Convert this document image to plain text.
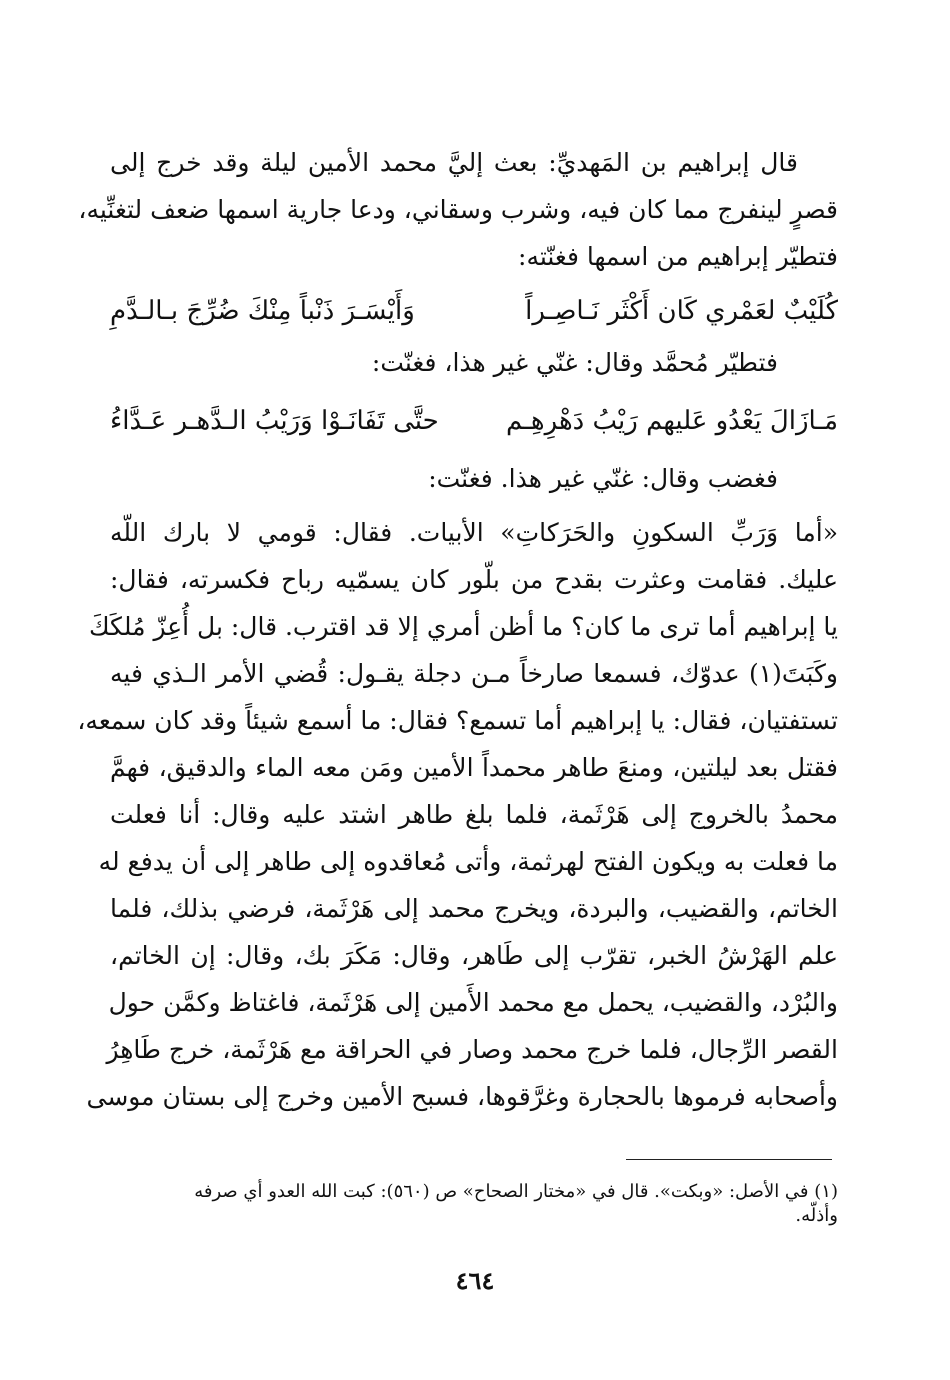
قال إبراهيم بن المَهديِّ: بعث إليَّ محمد الأمين ليلة وقد خرج إلى
قصرٍ لينفرج مما كان فيه، وشرب وسقاني، ودعا جارية اسمها ضعف لتغنِّيه،
فتطيّر إبراهيم من اسمها فغنّته:
كُلَيْبٌ لعَمْري كَان أَكْثَر نَـاصِـراً
وَأَيْسَـرَ ذَنْباً مِنْكَ ضُرِّجَ بـالـدَّمِ
فتطيّر مُحمَّد وقال: غنّي غير هذا، فغنّت:
مَـازَالَ يَعْدُو عَليهم رَيْبُ دَهْرِهِـم
حتَّى تَفَانَـوْا وَرَيْبُ الـدَّهـر عَـدَّاءُ
فغضب وقال: غنّي غير هذا. فغنّت:
«أما وَرَبِّ السكونِ والحَرَكاتِ» الأبيات. فقال: قومي لا بارك اللّه
عليك. فقامت وعثرت بقدح من بلّور كان يسمّيه رباح فكسرته، فقال:
يا إبراهيم أما ترى ما كان؟ ما أظن أمري إلا قد اقترب. قال: بل أُعِزّ مُلكَكَ
وكَبَتَ(١) عدوّك، فسمعا صارخاً مـن دجلة يقـول: قُضي الأمر الـذي فيه
تستفتيان، فقال: يا إبراهيم أما تسمع؟ فقال: ما أسمع شيئاً وقد كان سمعه،
فقتل بعد ليلتين، ومنعَ طاهر محمداً الأمين ومَن معه الماء والدقيق، فهمَّ
محمدُ بالخروج إلى هَرْثَمة، فلما بلغ طاهر اشتد عليه وقال: أنا فعلت
ما فعلت به ويكون الفتح لهرثمة، وأتى مُعاقدوه إلى طاهر إلى أن يدفع له
الخاتم، والقضيب، والبردة، ويخرج محمد إلى هَرْثَمة، فرضي بذلك، فلما
علم الهَرْشُ الخبر، تقرّب إلى طَاهر، وقال: مَكَرَ بك، وقال: إن الخاتم،
والبُرْد، والقضيب، يحمل مع محمد الأَمين إلى هَرْثَمة، فاغتاظ وكمَّن حول
القصر الرِّجال، فلما خرج محمد وصار في الحراقة مع هَرْثَمة، خرج طَاهِرُ
وأصحابه فرموها بالحجارة وغرَّقوها، فسبح الأمين وخرج إلى بستان موسى
(١) في الأصل: «وبكت». قال في «مختار الصحاح» ص (٥٦٠): كبت الله العدو أي صرفه
وأذلّه.
٤٦٤
